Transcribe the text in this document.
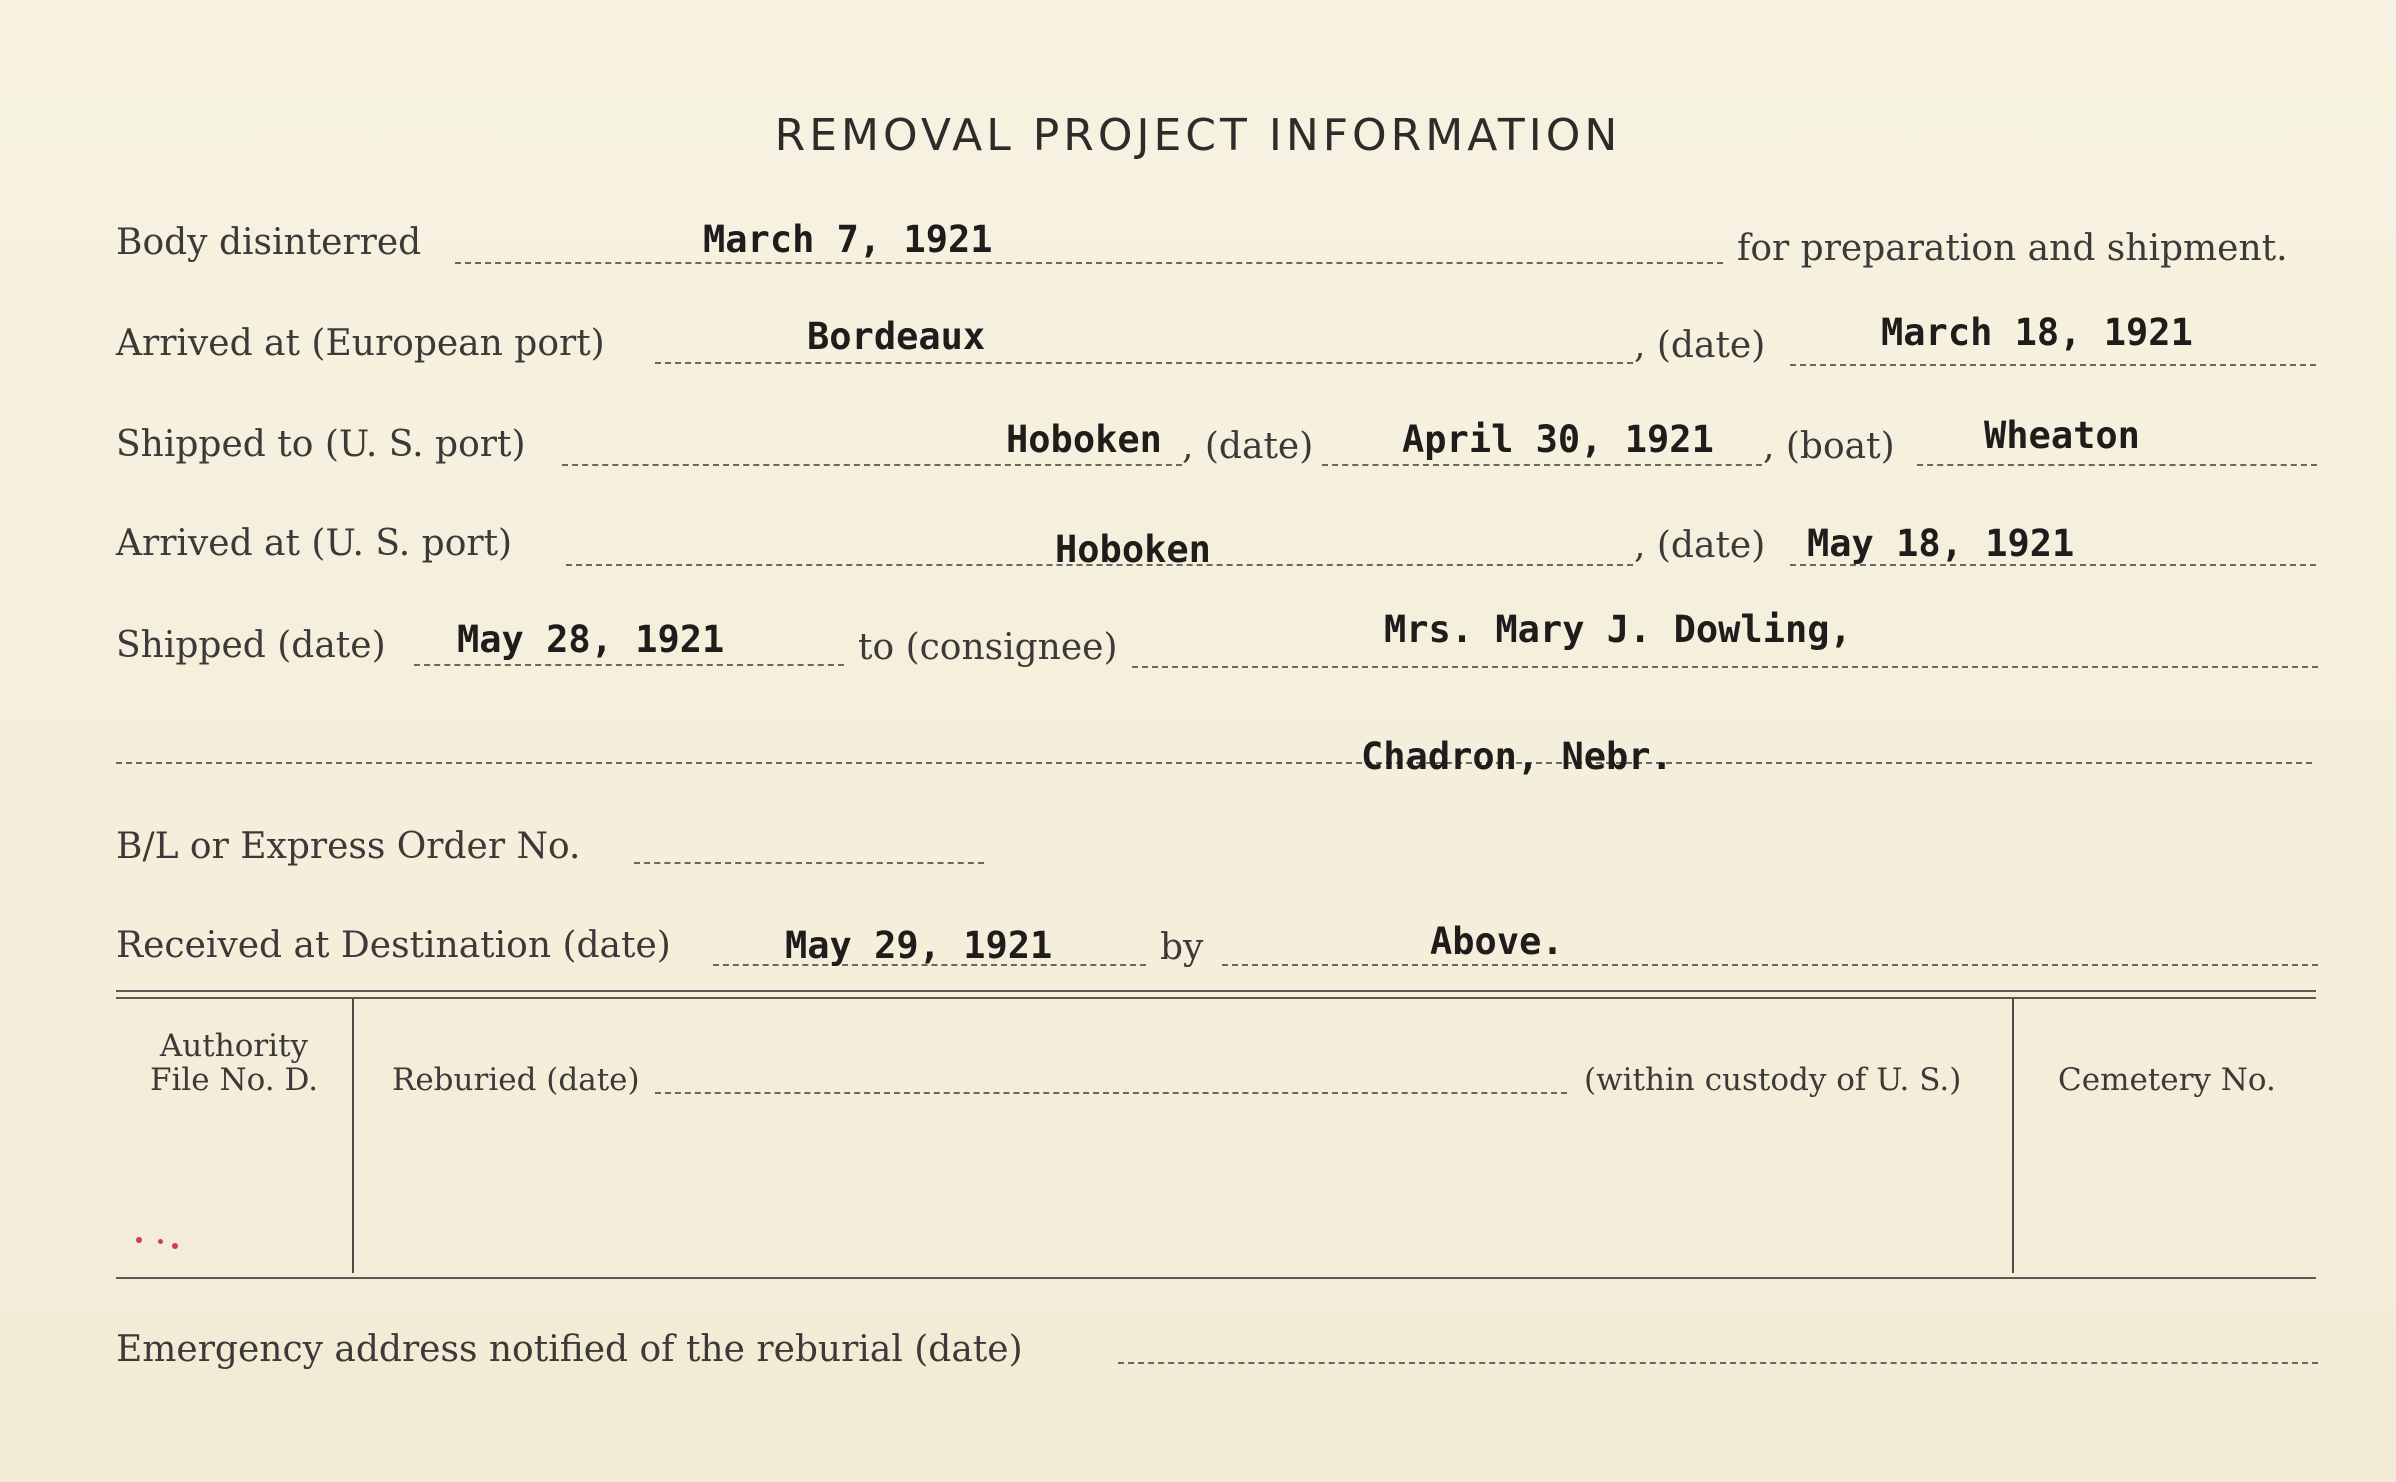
REMOVAL PROJECT INFORMATION
Body disinterred	March 7, 1921	for preparation and shipment.
Arrived at (European port)	Bordeaux	, (date)	March 18, 1921
Shipped to (U. S. port)	Hoboken , (date) April 30, 1921 , (boat) Wheaton
Arrived at (U. S. port)	Hoboken	, (date) May 18, 1921
Shipped (date) May 28, 1921	to (consignee)	Mrs. Mary J. Dowling,
Chadron, Nebr.
B/L or Express Order No.
Received at Destination (date)	May 29, 1921	by	Above.
Authority
File No. D.	Reburied (date)	(within custody of U. S.)	Cemetery No.
Emergency address notified of the reburial (date)
